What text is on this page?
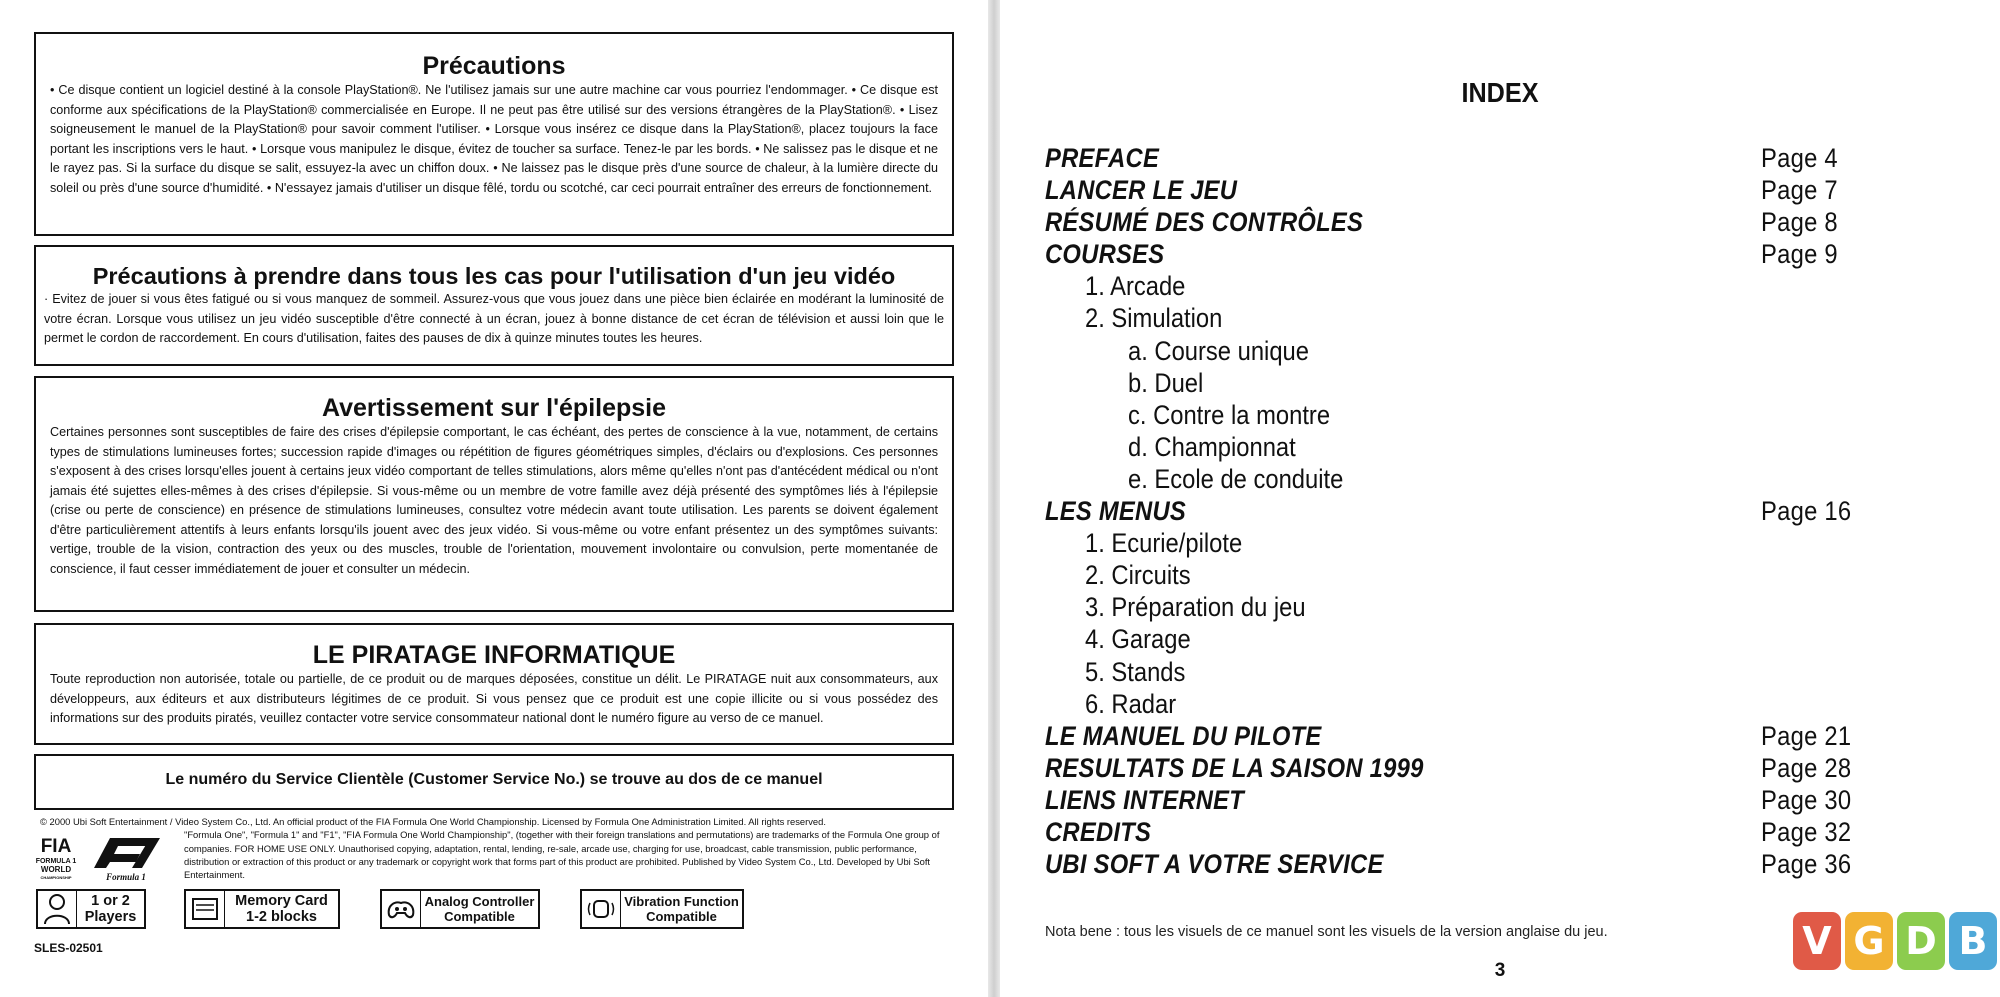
Précautions

• Ce disque contient un logiciel destiné à la console PlayStation®. Ne l'utilisez jamais sur une autre machine car vous pourriez l'endommager. • Ce disque est conforme aux spécifications de la PlayStation® commercialisée en Europe. Il ne peut pas être utilisé sur des versions étrangères de la PlayStation®. • Lisez soigneusement le manuel de la PlayStation® pour savoir comment l'utiliser. • Lorsque vous insérez ce disque dans la PlayStation®, placez toujours la face portant les inscriptions vers le haut. • Lorsque vous manipulez le disque, évitez de toucher sa surface. Tenez-le par les bords. • Ne salissez pas le disque et ne le rayez pas. Si la surface du disque se salit, essuyez-la avec un chiffon doux. • Ne laissez pas le disque près d'une source de chaleur, à la lumière directe du soleil ou près d'une source d'humidité. • N'essayez jamais d'utiliser un disque fêlé, tordu ou scotché, car ceci pourrait entraîner des erreurs de fonctionnement.

Précautions à prendre dans tous les cas pour l'utilisation d'un jeu vidéo

· Evitez de jouer si vous êtes fatigué ou si vous manquez de sommeil. Assurez-vous que vous jouez dans une pièce bien éclairée en modérant la luminosité de votre écran. Lorsque vous utilisez un jeu vidéo susceptible d'être connecté à un écran, jouez à bonne distance de cet écran de télévision et aussi loin que le permet le cordon de raccordement. En cours d'utilisation, faites des pauses de dix à quinze minutes toutes les heures.

Avertissement sur l'épilepsie

Certaines personnes sont susceptibles de faire des crises d'épilepsie comportant, le cas échéant, des pertes de conscience à la vue, notamment, de certains types de stimulations lumineuses fortes; succession rapide d'images ou répétition de figures géométriques simples, d'éclairs ou d'explosions. Ces personnes s'exposent à des crises lorsqu'elles jouent à certains jeux vidéo comportant de telles stimulations, alors même qu'elles n'ont pas d'antécédent médical ou n'ont jamais été sujettes elles-mêmes à des crises d'épilepsie. Si vous-même ou un membre de votre famille avez déjà présenté des symptômes liés à l'épilepsie (crise ou perte de conscience) en présence de stimulations lumineuses, consultez votre médecin avant toute utilisation. Les parents se doivent également d'être particulièrement attentifs à leurs enfants lorsqu'ils jouent avec des jeux vidéo. Si vous-même ou votre enfant présentez un des symptômes suivants: vertige, trouble de la vision, contraction des yeux ou des muscles, trouble de l'orientation, mouvement involontaire ou convulsion, perte momentanée de conscience, il faut cesser immédiatement de jouer et consulter un médecin.

LE PIRATAGE INFORMATIQUE

Toute reproduction non autorisée, totale ou partielle, de ce produit ou de marques déposées, constitue un délit. Le PIRATAGE nuit aux consommateurs, aux développeurs, aux éditeurs et aux distributeurs légitimes de ce produit. Si vous pensez que ce produit est une copie illicite ou si vous possédez des informations sur des produits piratés, veuillez contacter votre service consommateur national dont le numéro figure au verso de ce manuel.

Le numéro du Service Clientèle (Customer Service No.) se trouve au dos de ce manuel

© 2000 Ubi Soft Entertainment / Video System Co., Ltd. An official product of the FIA Formula One World Championship. Licensed by Formula One Administration Limited. All rights reserved.
"Formula One", "Formula 1" and "F1", "FIA Formula One World Championship", (together with their foreign translations and permutations) are trademarks of the Formula One group of companies. FOR HOME USE ONLY. Unauthorised copying, adaptation, rental, lending, re-sale, arcade use, charging for use, broadcast, cable transmission, public performance, distribution or extraction of this product or any trademark or copyright work that forms part of this product are prohibited. Published by Video System Co., Ltd. Developed by Ubi Soft Entertainment.
FIA
FORMULA 1
WORLD
CHAMPIONSHIP	Formula 1
1 or 2
Players
Memory Card
1-2 blocks
Analog Controller
Compatible
Vibration Function
Compatible
SLES-02501
INDEX
PREFACE	Page 4
LANCER LE JEU	Page 7
RÉSUMÉ DES CONTRÔLES	Page 8
COURSES	Page 9
1. Arcade
2. Simulation
a. Course unique
b. Duel
c. Contre la montre
d. Championnat
e. Ecole de conduite
LES MENUS	Page 16
1. Ecurie/pilote
2. Circuits
3. Préparation du jeu
4. Garage
5. Stands
6. Radar
LE MANUEL DU PILOTE	Page 21
RESULTATS DE LA SAISON 1999	Page 28
LIENS INTERNET	Page 30
CREDITS	Page 32
UBI SOFT A VOTRE SERVICE	Page 36
Nota bene : tous les visuels de ce manuel sont les visuels de la version anglaise du jeu.
3
V G D B
